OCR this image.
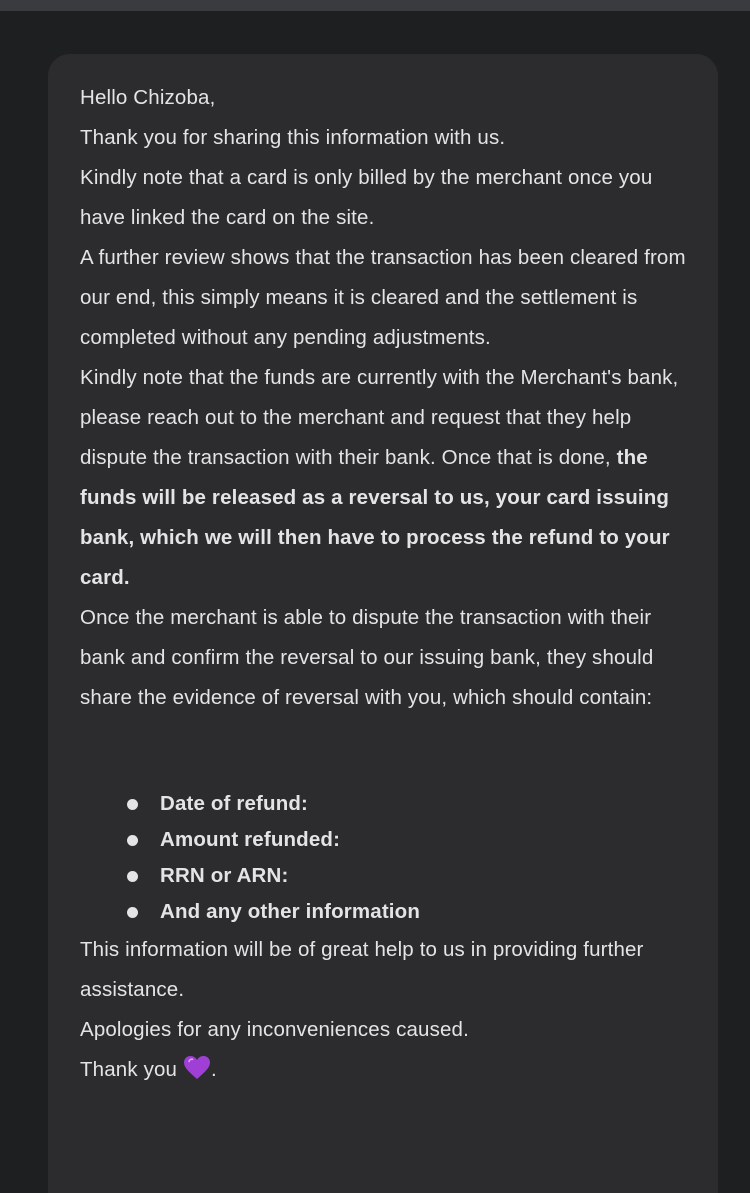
Hello Chizoba,

Thank you for sharing this information with us.

Kindly note that a card is only billed by the merchant once you have linked the card on the site.

A further review shows that the transaction has been cleared from our end, this simply means it is cleared and the settlement is completed without any pending adjustments.

Kindly note that the funds are currently with the Merchant's bank, please reach out to the merchant and request that they help dispute the transaction with their bank. Once that is done, the funds will be released as a reversal to us, your card issuing bank, which we will then have to process the refund to your card.

Once the merchant is able to dispute the transaction with their bank and confirm the reversal to our issuing bank, they should share the evidence of reversal with you, which should contain:

Date of refund:
Amount refunded:
RRN or ARN:
And any other information

This information will be of great help to us in providing further assistance.

Apologies for any inconveniences caused.

Thank you .
